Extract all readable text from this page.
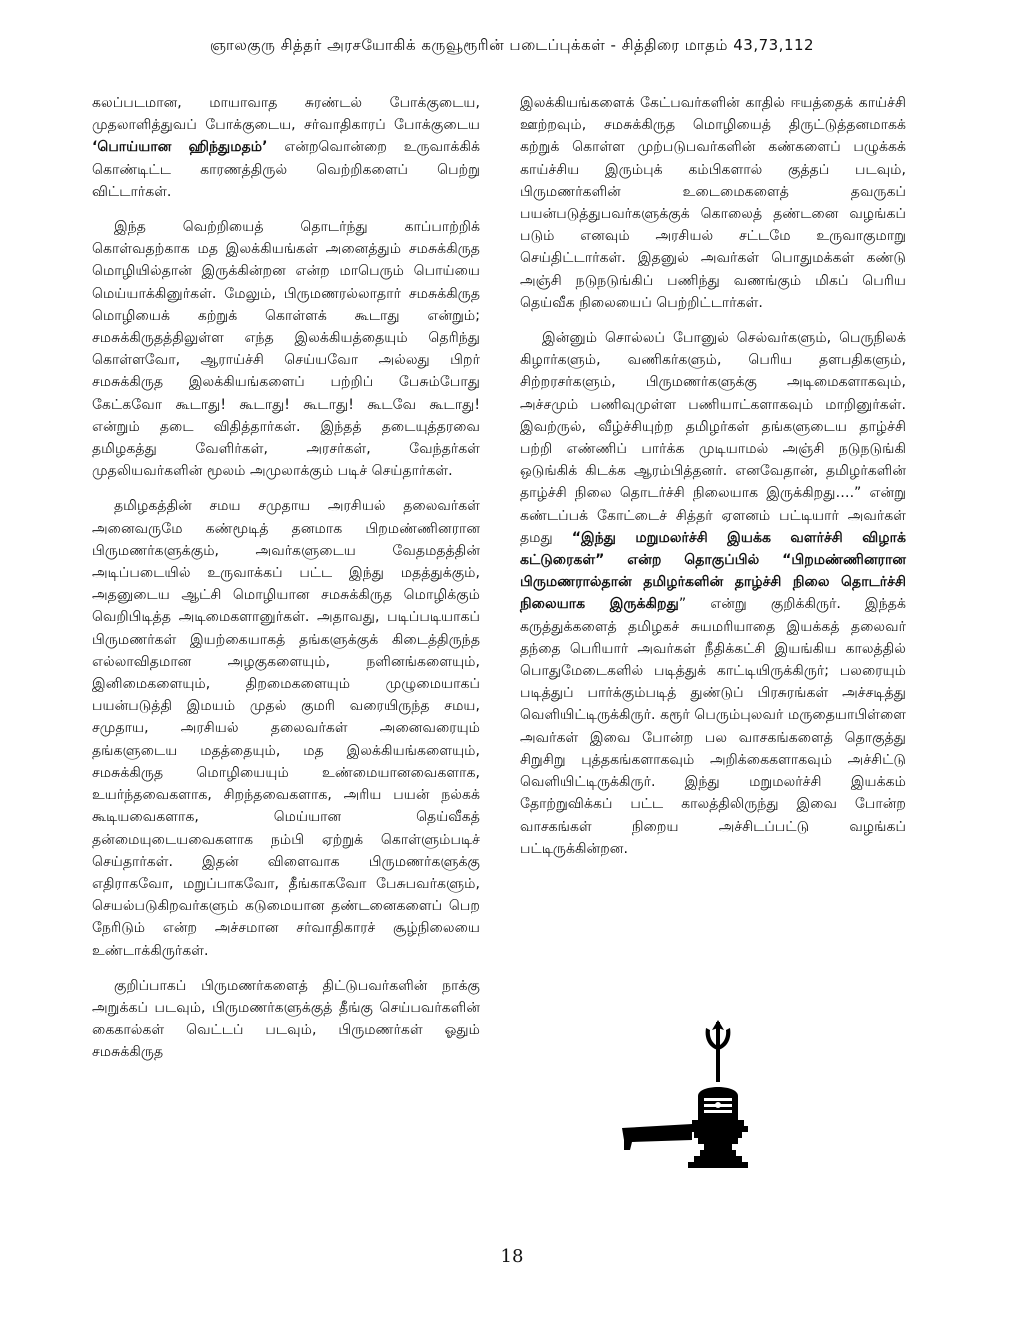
ஞாலகுரு சித்தர் அரசயோகிக் கருவூரூரின் படைப்புக்கள் - சித்திரை மாதம் 43,73,112

கலப்படமான, மாயாவாத சுரண்டல் போக்குடைய, முதலாளித்துவப் போக்குடைய, சர்வாதிகாரப் போக்குடைய ‘பொய்யான ஹிந்துமதம்’ என்றவொன்றை உருவாக்கிக் கொண்டிட்ட காரணத்திருல் வெற்றிகளைப் பெற்று விட்டார்கள்.

இந்த வெற்றியைத் தொடர்ந்து காப்பாற்றிக் கொள்வதற்காக மத இலக்கியங்கள் அனைத்தும் சமசுக்கிருத மொழியில்தான் இருக்கின்றன என்ற மாபெரும் பொய்யை மெய்யாக்கினுர்கள். மேலும், பிருமணரல்லாதார் சமசுக்கிருத மொழியைக் கற்றுக் கொள்ளக் கூடாது என்றும்; சமசுக்கிருதத்திலுள்ள எந்த இலக்கியத்தையும் தெரிந்து கொள்ளவோ, ஆராய்ச்சி செய்யவோ அல்லது பிறர் சமசுக்கிருத இலக்கியங்களைப் பற்றிப் பேசும்போது கேட்கவோ கூடாது! கூடாது! கூடாது! கூடவே கூடாது! என்றும் தடை விதித்தார்கள். இந்தத் தடையுத்தரவை தமிழகத்து வேளிர்கள், அரசர்கள், வேந்தர்கள் முதலியவர்களின் மூலம் அமுலாக்கும் படிச் செய்தார்கள்.

தமிழகத்தின் சமய சமுதாய அரசியல் தலைவர்கள் அனைவருமே கண்மூடித் தனமாக பிறமண்ணினரான பிருமணர்களுக்கும், அவர்களுடைய வேதமதத்தின் அடிப்படையில் உருவாக்கப் பட்ட இந்து மதத்துக்கும், அதனுடைய ஆட்சி மொழியான சமசுக்கிருத மொழிக்கும் வெறிபிடித்த அடிமைகளானுர்கள். அதாவது, படிப்படியாகப் பிருமணர்கள் இயற்கையாகத் தங்களுக்குக் கிடைத்திருந்த எல்லாவிதமான அழகுகளையும், நளினங்களையும், இனிமைகளையும், திறமைகளையும் முழுமையாகப் பயன்படுத்தி இமயம் முதல் குமரி வரையிருந்த சமய, சமுதாய, அரசியல் தலைவர்கள் அனைவரையும் தங்களுடைய மதத்தையும், மத இலக்கியங்களையும், சமசுக்கிருத மொழியையும் உண்மையானவைகளாக, உயர்ந்தவைகளாக, சிறந்தவைகளாக, அரிய பயன் நல்கக் கூடியவைகளாக, மெய்யான தெய்வீகத் தன்மையுடையவைகளாக நம்பி ஏற்றுக் கொள்ளும்படிச் செய்தார்கள். இதன் விளைவாக பிருமணர்களுக்கு எதிராகவோ, மறுப்பாகவோ, தீங்காகவோ பேசுபவர்களும், செயல்படுகிறவர்களும் கடுமையான தண்டனைகளைப் பெற நேரிடும் என்ற அச்சமான சர்வாதிகாரச் சூழ்நிலையை உண்டாக்கிருர்கள்.

குறிப்பாகப் பிருமணர்களைத் திட்டுபவர்களின் நாக்கு அறுக்கப் படவும், பிருமணர்களுக்குத் தீங்கு செய்பவர்களின் கைகால்கள் வெட்டப் படவும், பிருமணர்கள் ஓதும் சமசுக்கிருத

இலக்கியங்களைக் கேட்பவர்களின் காதில் ஈயத்தைக் காய்ச்சி ஊற்றவும், சமசுக்கிருத மொழியைத் திருட்டுத்தனமாகக் கற்றுக் கொள்ள முற்படுபவர்களின் கண்களைப் பழுக்கக் காய்ச்சிய இரும்புக் கம்பிகளால் குத்தப் படவும், பிருமணர்களின் உடைமைகளைத் தவருகப் பயன்படுத்துபவர்களுக்குக் கொலைத் தண்டனை வழங்கப் படும் எனவும் அரசியல் சட்டமே உருவாகுமாறு செய்திட்டார்கள். இதனுல் அவர்கள் பொதுமக்கள் கண்டு அஞ்சி நடுநடுங்கிப் பணிந்து வணங்கும் மிகப் பெரிய தெய்வீக நிலையைப் பெற்றிட்டார்கள்.

இன்னும் சொல்லப் போனுல் செல்வர்களும், பெருநிலக் கிழார்களும், வணிகர்களும், பெரிய தளபதிகளும், சிற்றரசர்களும், பிருமணர்களுக்கு அடிமைகளாகவும், அச்சமும் பணிவுமுள்ள பணியாட்களாகவும் மாறினுர்கள். இவற்ருல், வீழ்ச்சியுற்ற தமிழர்கள் தங்களுடைய தாழ்ச்சி பற்றி எண்ணிப் பார்க்க முடியாமல் அஞ்சி நடுநடுங்கி ஒடுங்கிக் கிடக்க ஆரம்பித்தனர். எனவேதான், தமிழர்களின் தாழ்ச்சி நிலை தொடர்ச்சி நிலையாக இருக்கிறது….” என்று கண்டப்பக் கோட்டைச் சித்தர் ஏளனம் பட்டியார் அவர்கள் தமது “இந்து மறுமலர்ச்சி இயக்க வளர்ச்சி விழாக் கட்டுரைகள்” என்ற தொகுப்பில் “பிறமண்ணினரான பிருமணரால்தான் தமிழர்களின் தாழ்ச்சி நிலை தொடர்ச்சி நிலையாக இருக்கிறது” என்று குறிக்கிருர். இந்தக் கருத்துக்களைத் தமிழகச் சுயமரியாதை இயக்கத் தலைவர் தந்தை பெரியார் அவர்கள் நீதிக்கட்சி இயங்கிய காலத்தில் பொதுமேடைகளில் படித்துக் காட்டியிருக்கிருர்; பலரையும் படித்துப் பார்க்கும்படித் துண்டுப் பிரசுரங்கள் அச்சடித்து வெளியிட்டிருக்கிருர். கரூர் பெரும்புலவர் மருதையாபிள்ளை அவர்கள் இவை போன்ற பல வாசகங்களைத் தொகுத்து சிறுசிறு புத்தகங்களாகவும் அறிக்கைகளாகவும் அச்சிட்டு வெளியிட்டிருக்கிருர். இந்து மறுமலர்ச்சி இயக்கம் தோற்றுவிக்கப் பட்ட காலத்திலிருந்து இவை போன்ற வாசகங்கள் நிறைய அச்சிடப்பட்டு வழங்கப் பட்டிருக்கின்றன.

18
